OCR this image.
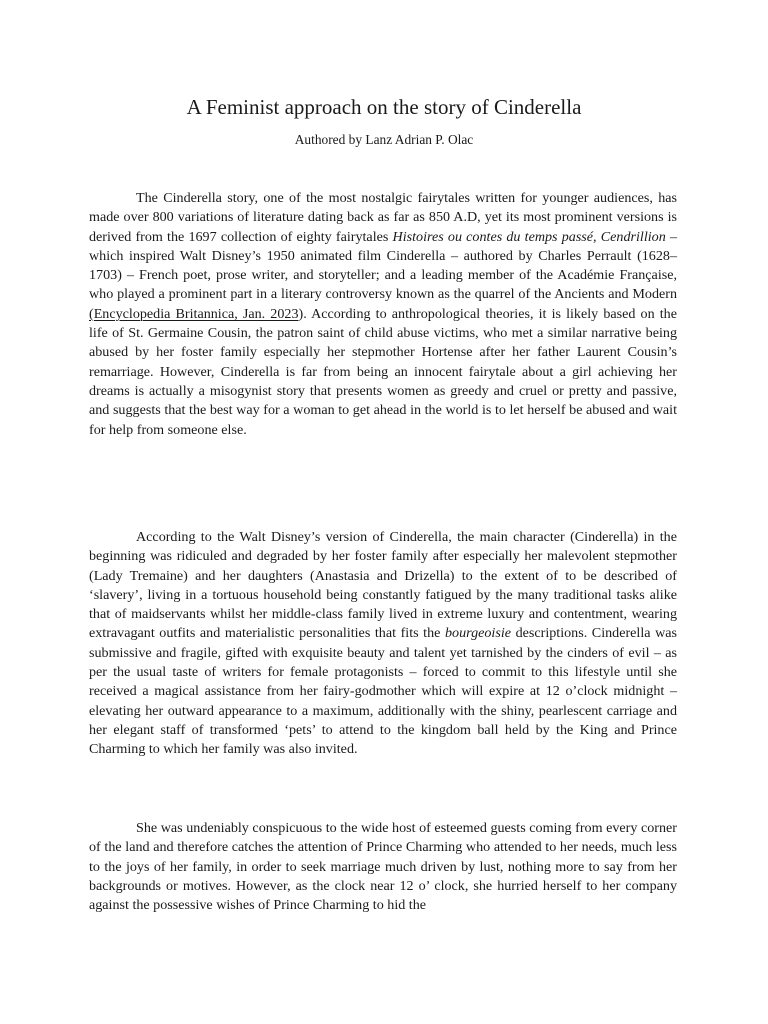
A Feminist approach on the story of Cinderella

Authored by Lanz Adrian P. Olac

The Cinderella story, one of the most nostalgic fairytales written for younger audiences, has made over 800 variations of literature dating back as far as 850 A.D, yet its most prominent versions is derived from the 1697 collection of eighty fairytales Histoires ou contes du temps passé, Cendrillion – which inspired Walt Disney’s 1950 animated film Cinderella – authored by Charles Perrault (1628–1703) – French poet, prose writer, and storyteller; and a leading member of the Académie Française, who played a prominent part in a literary controversy known as the quarrel of the Ancients and Modern (Encyclopedia Britannica, Jan. 2023). According to anthropological theories, it is likely based on the life of St. Germaine Cousin, the patron saint of child abuse victims, who met a similar narrative being abused by her foster family especially her stepmother Hortense after her father Laurent Cousin’s remarriage. However, Cinderella is far from being an innocent fairytale about a girl achieving her dreams is actually a misogynist story that presents women as greedy and cruel or pretty and passive, and suggests that the best way for a woman to get ahead in the world is to let herself be abused and wait for help from someone else.

According to the Walt Disney’s version of Cinderella, the main character (Cinderella) in the beginning was ridiculed and degraded by her foster family after especially her malevolent stepmother (Lady Tremaine) and her daughters (Anastasia and Drizella) to the extent of to be described of ‘slavery’, living in a tortuous household being constantly fatigued by the many traditional tasks alike that of maidservants whilst her middle-class family lived in extreme luxury and contentment, wearing extravagant outfits and materialistic personalities that fits the bourgeoisie descriptions. Cinderella was submissive and fragile, gifted with exquisite beauty and talent yet tarnished by the cinders of evil – as per the usual taste of writers for female protagonists – forced to commit to this lifestyle until she received a magical assistance from her fairy-godmother which will expire at 12 o’clock midnight – elevating her outward appearance to a maximum, additionally with the shiny, pearlescent carriage and her elegant staff of transformed ‘pets’ to attend to the kingdom ball held by the King and Prince Charming to which her family was also invited.

She was undeniably conspicuous to the wide host of esteemed guests coming from every corner of the land and therefore catches the attention of Prince Charming who attended to her needs, much less to the joys of her family, in order to seek marriage much driven by lust, nothing more to say from her backgrounds or motives. However, as the clock near 12 o’ clock, she hurried herself to her company against the possessive wishes of Prince Charming to hid the
